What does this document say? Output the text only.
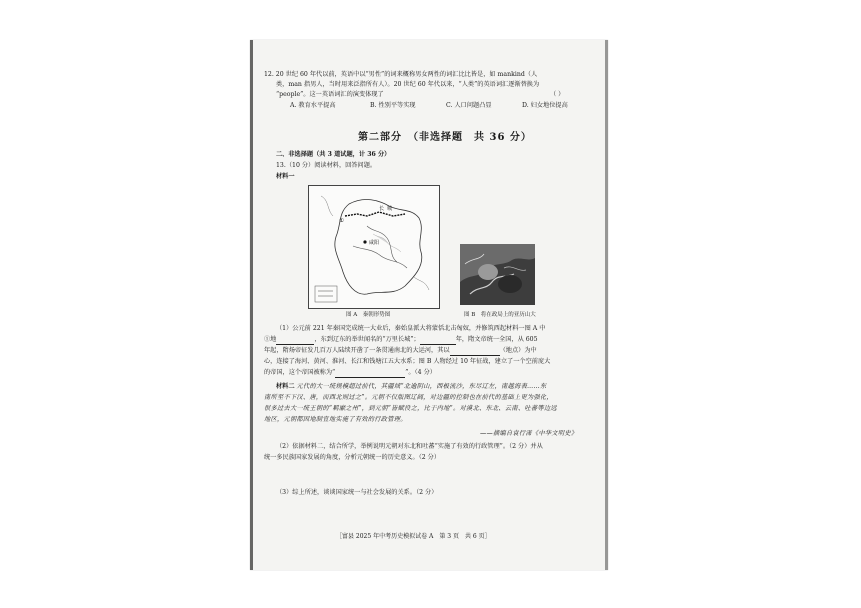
12. 20 世纪 60 年代以前，英语中以“男性”的词来概称男女两性的词汇比比皆是，如 mankind（人
类，man 指男人，当时用来泛指所有人）。20 世纪 60 年代以来，“人类”的英语词汇逐渐替换为
“people”。这一英语词汇的演变体现了	（ ）
A. 教育水平提高	B. 性别平等实现	C. 人口问题凸显	D. 妇女地位提高
第二部分　（非选择题　共 36 分）
二、非选择题（共 3 道试题，计 36 分）
13.（10 分）阅读材料，回答问题。
材料一
咸阳
①
长 城
图 A　秦朝形势图	图 B　将在政局上的亚历山大
（1）公元前 221 年秦国完成统一大业后，秦始皇派大将蒙恬北击匈奴，并修筑西起材料一图 A 中
①地	，东到辽东的举世闻名的“万里长城”；	年，隋文帝统一全国，从 605
年起，隋炀帝征发几百万人陆续开凿了一条贯通南北的大运河，其以	（地点）为中
心，连接了海河、黄河、淮河、长江和钱塘江五大水系；图 B 人物经过 10 年征战，建立了一个空前庞大
的帝国，这个帝国被称为“	”。（4 分）
材料二 元代的大一统规模超过前代，其疆域“北逾阴山，西极流沙，东尽辽左，南越海表……东
南所至不下汉、唐，而西北则过之”。元朝不仅版图辽阔，对边疆的控制也在前代的基础上更为强化，
很多过去大一统王朝的“羁縻之州”，到元朝“皆赋役之，比于内地”。对漠北、东北、云南、吐蕃等边远
地区，元朝都因地制宜地实施了有效的行政管理。
——摘编自袁行霈《中华文明史》
（2）依据材料二，结合所学，举例说明元朝对东北和吐蕃“实施了有效的行政管理”。（2 分）并从
统一多民族国家发展的角度，分析元朝统一的历史意义。（2 分）
（3）综上所述，谈谈国家统一与社会发展的关系。（2 分）
［富县 2025 年中考历史模拟试卷 A　第 3 页　共 6 页］
